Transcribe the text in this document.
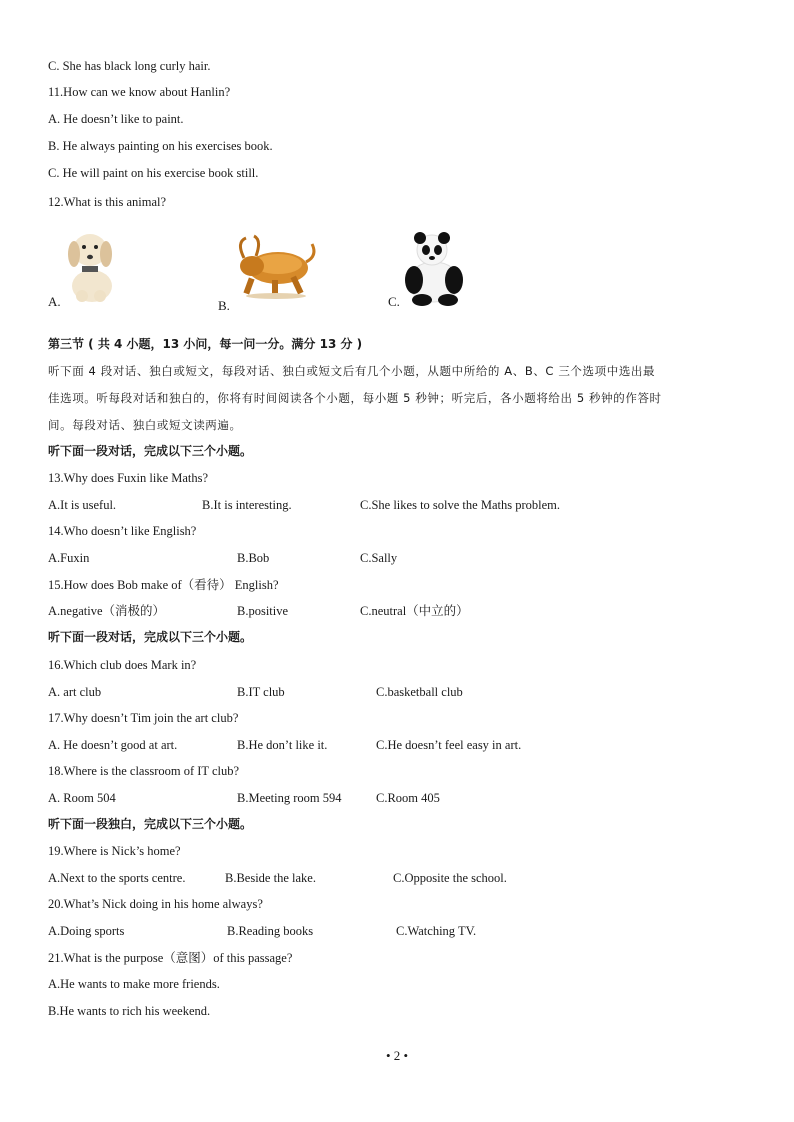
C. She has black long curly hair.
11.How can we know about Hanlin?
A. He doesn’t like to paint.
B. He always painting on his exercises book.
C. He will paint on his exercise book still.
12.What is this animal?
A.	B.	C.
第三节 ( 共 4 小题，13 小问，每一问一分。满分 13 分 )
听下面 4 段对话、独白或短文，每段对话、独白或短文后有几个小题，从题中所给的 A、B、C 三个选项中选出最
佳选项。听每段对话和独白的，你将有时间阅读各个小题，每小题 5 秒钟；听完后，各小题将给出 5 秒钟的作答时
间。每段对话、独白或短文读两遍。
听下面一段对话，完成以下三个小题。
13.Why does Fuxin like Maths?
A.It is useful.	B.It is interesting.	C.She likes to solve the Maths problem.
14.Who doesn’t like English?
A.Fuxin	B.Bob	C.Sally
15.How does Bob make of（看待） English?
A.negative（消极的）	B.positive	C.neutral（中立的）
听下面一段对话，完成以下三个小题。
16.Which club does Mark in?
A. art club	B.IT club	C.basketball club
17.Why doesn’t Tim join the art club?
A. He doesn’t good at art.	B.He don’t like it.	C.He doesn’t feel easy in art.
18.Where is the classroom of IT club?
A. Room 504	B.Meeting room 594	C.Room 405
听下面一段独白，完成以下三个小题。
19.Where is Nick’s home?
A.Next to the sports centre.	B.Beside the lake.	C.Opposite the school.
20.What’s Nick doing in his home always?
A.Doing sports	B.Reading books	C.Watching TV.
21.What is the purpose（意图）of this passage?
A.He wants to make more friends.
B.He wants to rich his weekend.
• 2 •
